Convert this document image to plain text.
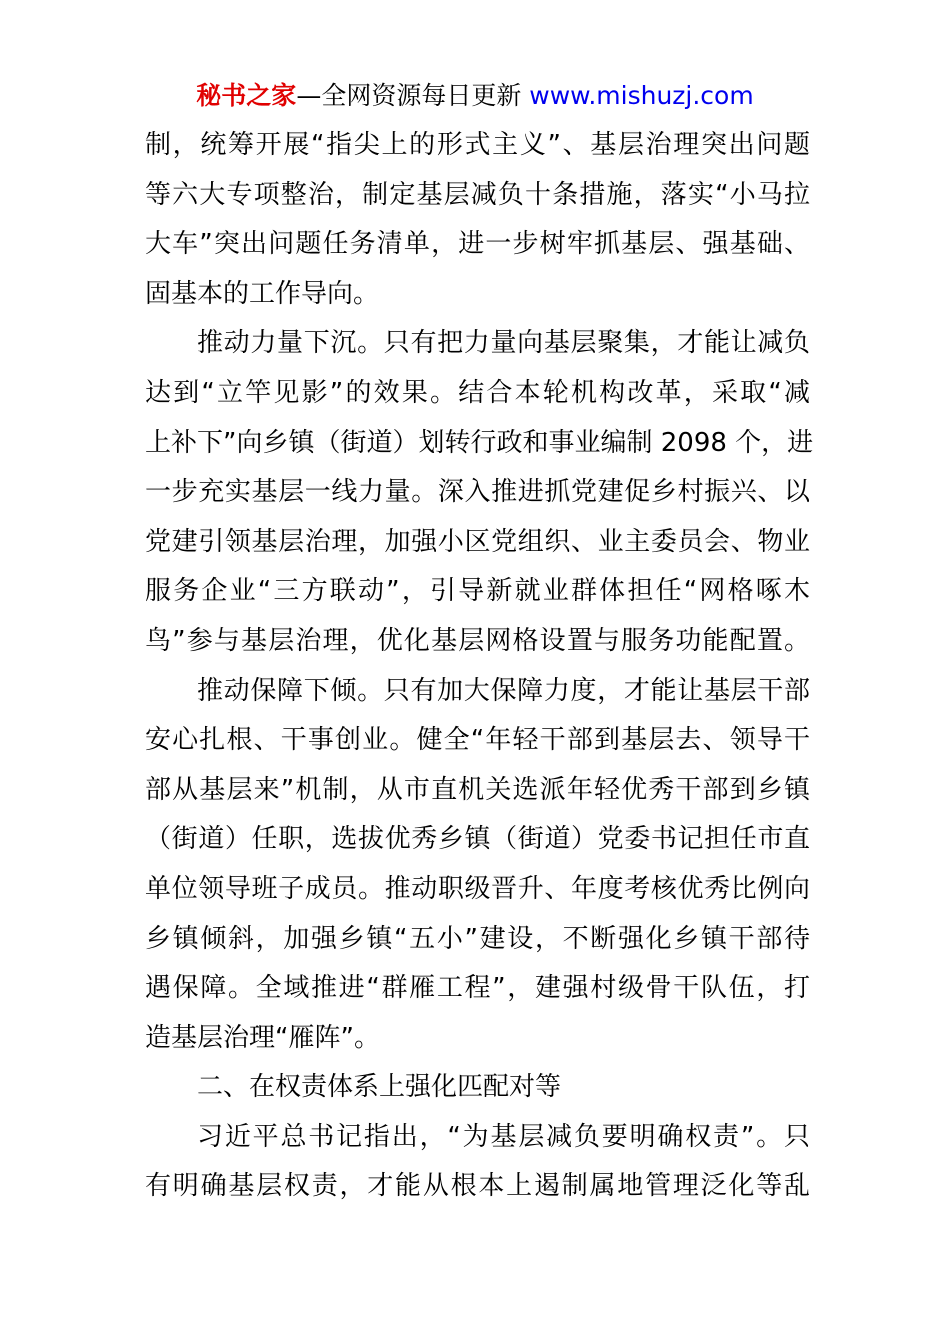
秘书之家—全网资源每日更新 www.mishuzj.com
制，统筹开展“指尖上的形式主义”、基层治理突出问题
等六大专项整治，制定基层减负十条措施，落实“小马拉
大车”突出问题任务清单，进一步树牢抓基层、强基础、
固基本的工作导向。
推动力量下沉。只有把力量向基层聚集，才能让减负
达到“立竿见影”的效果。结合本轮机构改革，采取“减
上补下”向乡镇（街道）划转行政和事业编制 2098 个，进
一步充实基层一线力量。深入推进抓党建促乡村振兴、以
党建引领基层治理，加强小区党组织、业主委员会、物业
服务企业“三方联动”，引导新就业群体担任“网格啄木
鸟”参与基层治理，优化基层网格设置与服务功能配置。
推动保障下倾。只有加大保障力度，才能让基层干部
安心扎根、干事创业。健全“年轻干部到基层去、领导干
部从基层来”机制，从市直机关选派年轻优秀干部到乡镇
（街道）任职，选拔优秀乡镇（街道）党委书记担任市直
单位领导班子成员。推动职级晋升、年度考核优秀比例向
乡镇倾斜，加强乡镇“五小”建设，不断强化乡镇干部待
遇保障。全域推进“群雁工程”，建强村级骨干队伍，打
造基层治理“雁阵”。
二、在权责体系上强化匹配对等
习近平总书记指出，“为基层减负要明确权责”。只
有明确基层权责，才能从根本上遏制属地管理泛化等乱
